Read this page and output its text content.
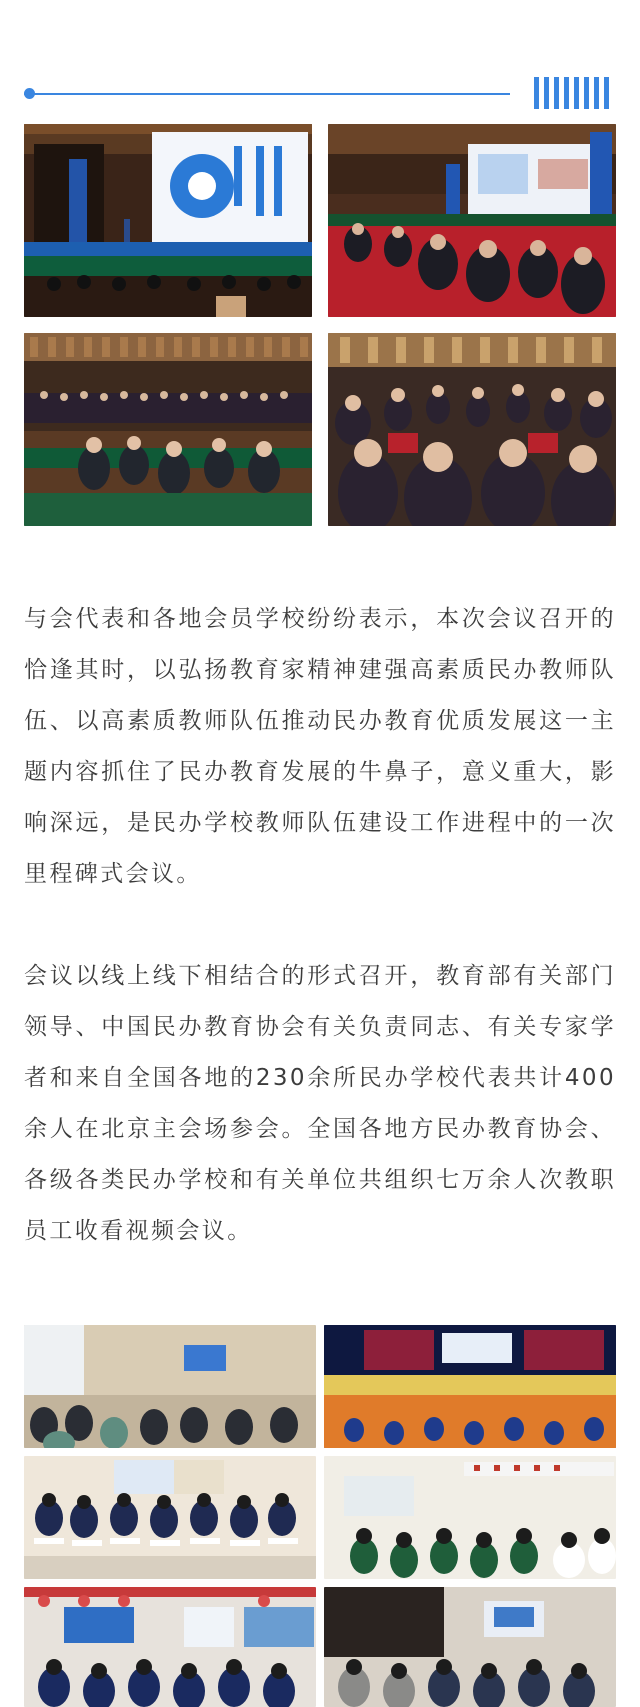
与会代表和各地会员学校纷纷表示，本次会议召开的恰逢其时，以弘扬教育家精神建强高素质民办教师队伍、以高素质教师队伍推动民办教育优质发展这一主题内容抓住了民办教育发展的牛鼻子，意义重大，影响深远，是民办学校教师队伍建设工作进程中的一次里程碑式会议。

会议以线上线下相结合的形式召开，教育部有关部门领导、中国民办教育协会有关负责同志、有关专家学者和来自全国各地的230余所民办学校代表共计400余人在北京主会场参会。全国各地方民办教育协会、各级各类民办学校和有关单位共组织七万余人次教职员工收看视频会议。
